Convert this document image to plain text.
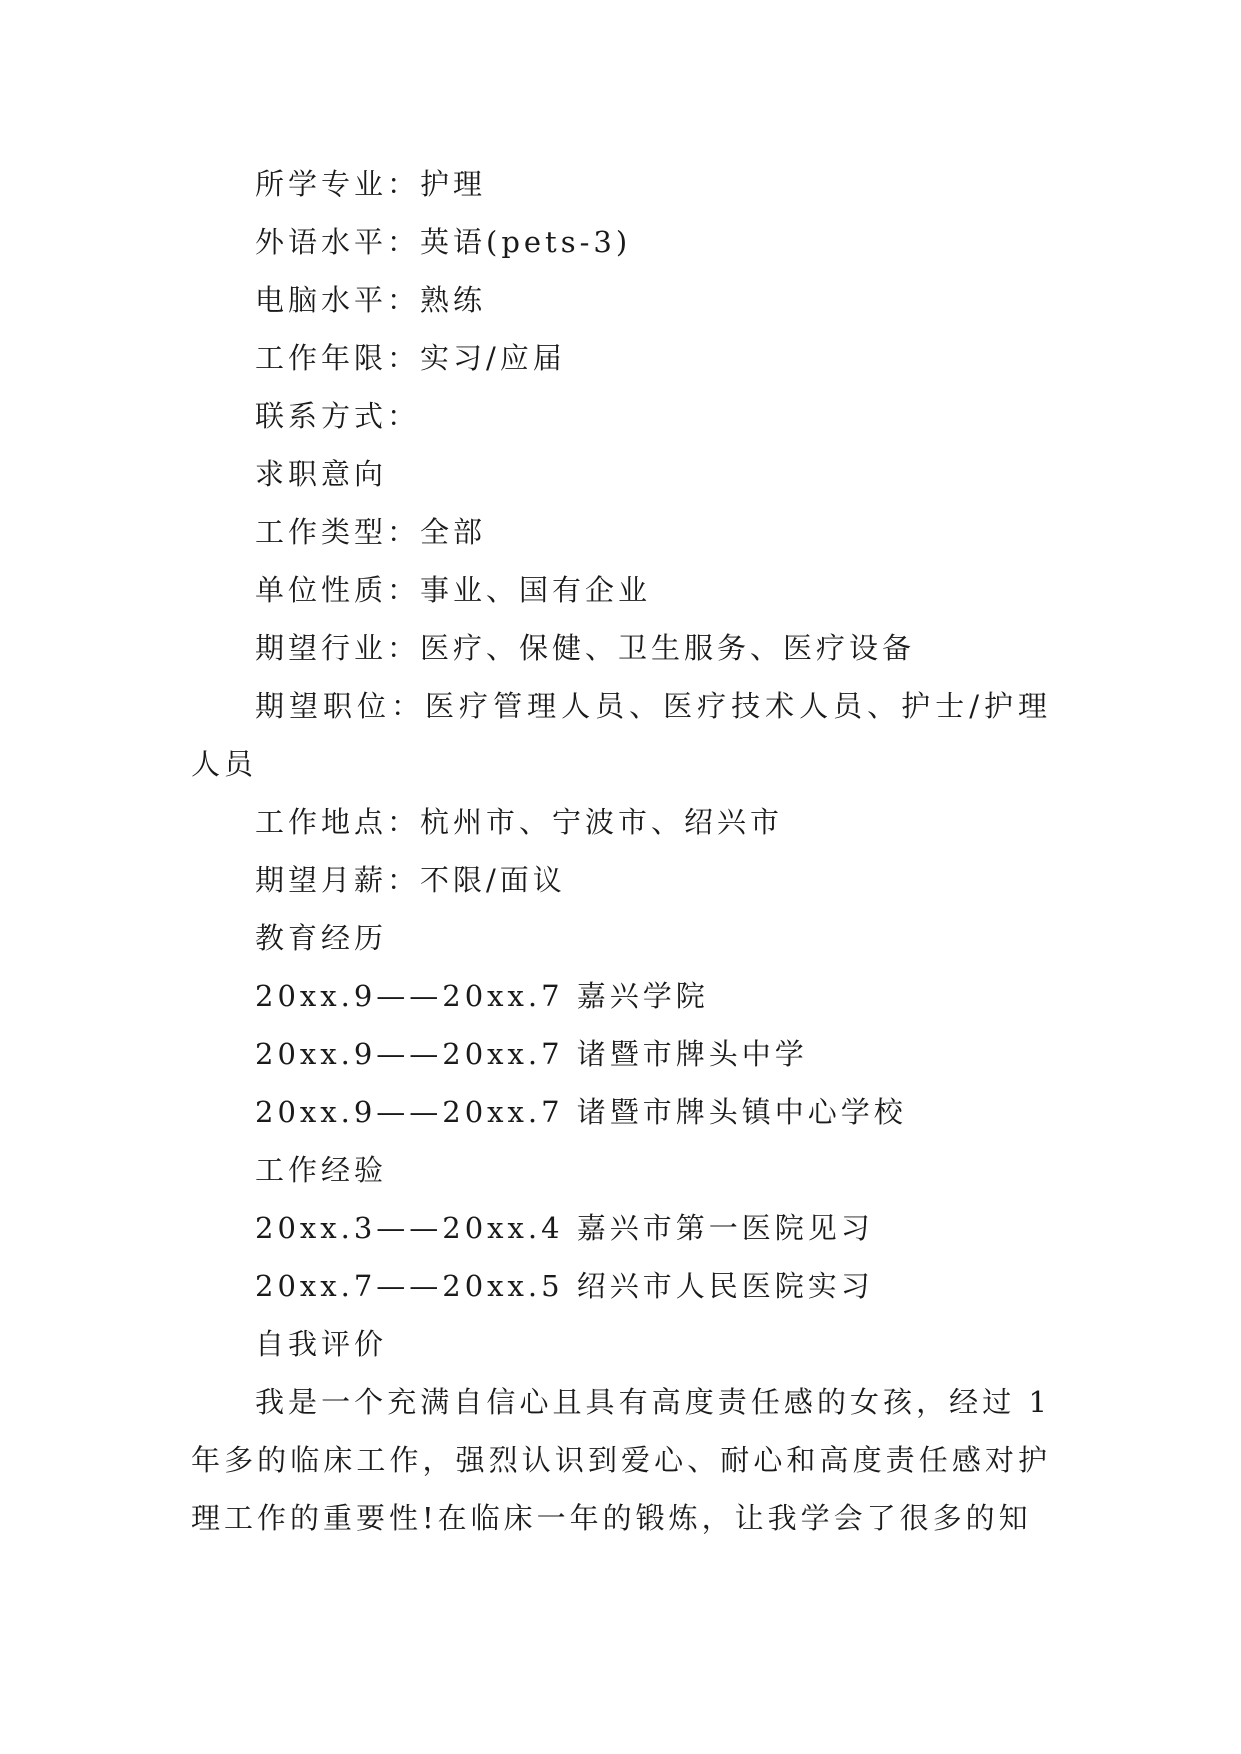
所学专业：护理
外语水平：英语(pets-3)
电脑水平：熟练
工作年限：实习/应届
联系方式：
求职意向
工作类型：全部
单位性质：事业、国有企业
期望行业：医疗、保健、卫生服务、医疗设备

期望职位：医疗管理人员、医疗技术人员、护士/护理人员

工作地点：杭州市、宁波市、绍兴市
期望月薪：不限/面议
教育经历
20xx.9——20xx.7 嘉兴学院
20xx.9——20xx.7 诸暨市牌头中学
20xx.9——20xx.7 诸暨市牌头镇中心学校
工作经验
20xx.3——20xx.4 嘉兴市第一医院见习
20xx.7——20xx.5 绍兴市人民医院实习
自我评价

我是一个充满自信心且具有高度责任感的女孩，经过 1 年多的临床工作，强烈认识到爱心、耐心和高度责任感对护理工作的重要性!在临床一年的锻炼，让我学会了很多的知
